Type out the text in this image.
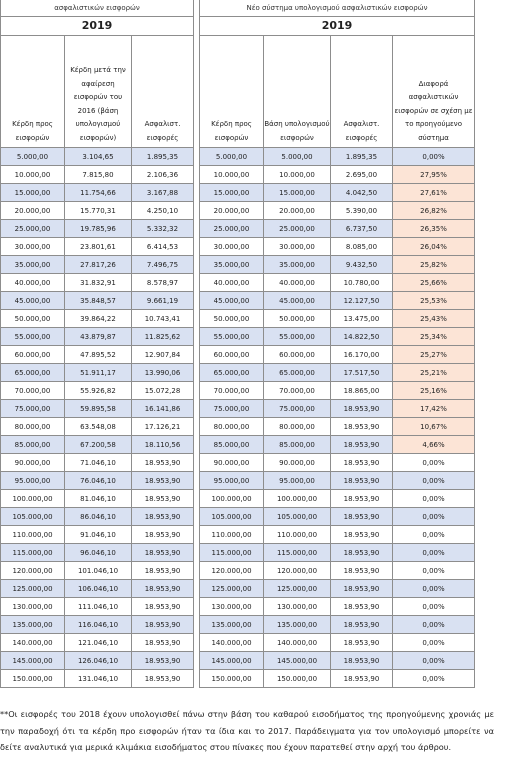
ασφαλιστικών εισφορών		
2019		
Κέρδη προς εισφορών	Κέρδη μετά την αφαίρεση εισφορών του 2016 (βάση υπολογισμού εισφορών)	Ασφαλιστ. εισφορές
5.000,00	3.104,65	1.895,35
10.000,00	7.815,80	2.106,36
15.000,00	11.754,66	3.167,88
20.000,00	15.770,31	4.250,10
25.000,00	19.785,96	5.332,32
30.000,00	23.801,61	6.414,53
35.000,00	27.817,26	7.496,75
40.000,00	31.832,91	8.578,97
45.000,00	35.848,57	9.661,19
50.000,00	39.864,22	10.743,41
55.000,00	43.879,87	11.825,62
60.000,00	47.895,52	12.907,84
65.000,00	51.911,17	13.990,06
70.000,00	55.926,82	15.072,28
75.000,00	59.895,58	16.141,86
80.000,00	63.548,08	17.126,21
85.000,00	67.200,58	18.110,56
90.000,00	71.046,10	18.953,90
95.000,00	76.046,10	18.953,90
100.000,00	81.046,10	18.953,90
105.000,00	86.046,10	18.953,90
110.000,00	91.046,10	18.953,90
115.000,00	96.046,10	18.953,90
120.000,00	101.046,10	18.953,90
125.000,00	106.046,10	18.953,90
130.000,00	111.046,10	18.953,90
135.000,00	116.046,10	18.953,90
140.000,00	121.046,10	18.953,90
145.000,00	126.046,10	18.953,90
150.000,00	131.046,10	18.953,90
Νέο σύστημα υπολογισμού ασφαλιστικών εισφορών			
2019			
Κέρδη προς εισφορών	Βάση υπολογισμού εισφορών	Ασφαλιστ. εισφορές	Διαφορά ασφαλιστικών εισφορών σε σχέση με το προηγούμενο σύστημα
5.000,00	5.000,00	1.895,35	0,00%
10.000,00	10.000,00	2.695,00	27,95%
15.000,00	15.000,00	4.042,50	27,61%
20.000,00	20.000,00	5.390,00	26,82%
25.000,00	25.000,00	6.737,50	26,35%
30.000,00	30.000,00	8.085,00	26,04%
35.000,00	35.000,00	9.432,50	25,82%
40.000,00	40.000,00	10.780,00	25,66%
45.000,00	45.000,00	12.127,50	25,53%
50.000,00	50.000,00	13.475,00	25,43%
55.000,00	55.000,00	14.822,50	25,34%
60.000,00	60.000,00	16.170,00	25,27%
65.000,00	65.000,00	17.517,50	25,21%
70.000,00	70.000,00	18.865,00	25,16%
75.000,00	75.000,00	18.953,90	17,42%
80.000,00	80.000,00	18.953,90	10,67%
85.000,00	85.000,00	18.953,90	4,66%
90.000,00	90.000,00	18.953,90	0,00%
95.000,00	95.000,00	18.953,90	0,00%
100.000,00	100.000,00	18.953,90	0,00%
105.000,00	105.000,00	18.953,90	0,00%
110.000,00	110.000,00	18.953,90	0,00%
115.000,00	115.000,00	18.953,90	0,00%
120.000,00	120.000,00	18.953,90	0,00%
125.000,00	125.000,00	18.953,90	0,00%
130.000,00	130.000,00	18.953,90	0,00%
135.000,00	135.000,00	18.953,90	0,00%
140.000,00	140.000,00	18.953,90	0,00%
145.000,00	145.000,00	18.953,90	0,00%
150.000,00	150.000,00	18.953,90	0,00%
**Οι εισφορές του 2018 έχουν υπολογισθεί πάνω στην βάση του καθαρού εισοδήματος της προηγούμενης χρονιάς με την παραδοχή ότι τα κέρδη προ εισφορών ήταν τα ίδια και το 2017. Παράδειγματα για τον υπολογισμό μπορείτε να δείτε αναλυτικά για μερικά κλιμάκια εισοδήματος στου πίνακες που έχουν παρατεθεί στην αρχή του άρθρου.
